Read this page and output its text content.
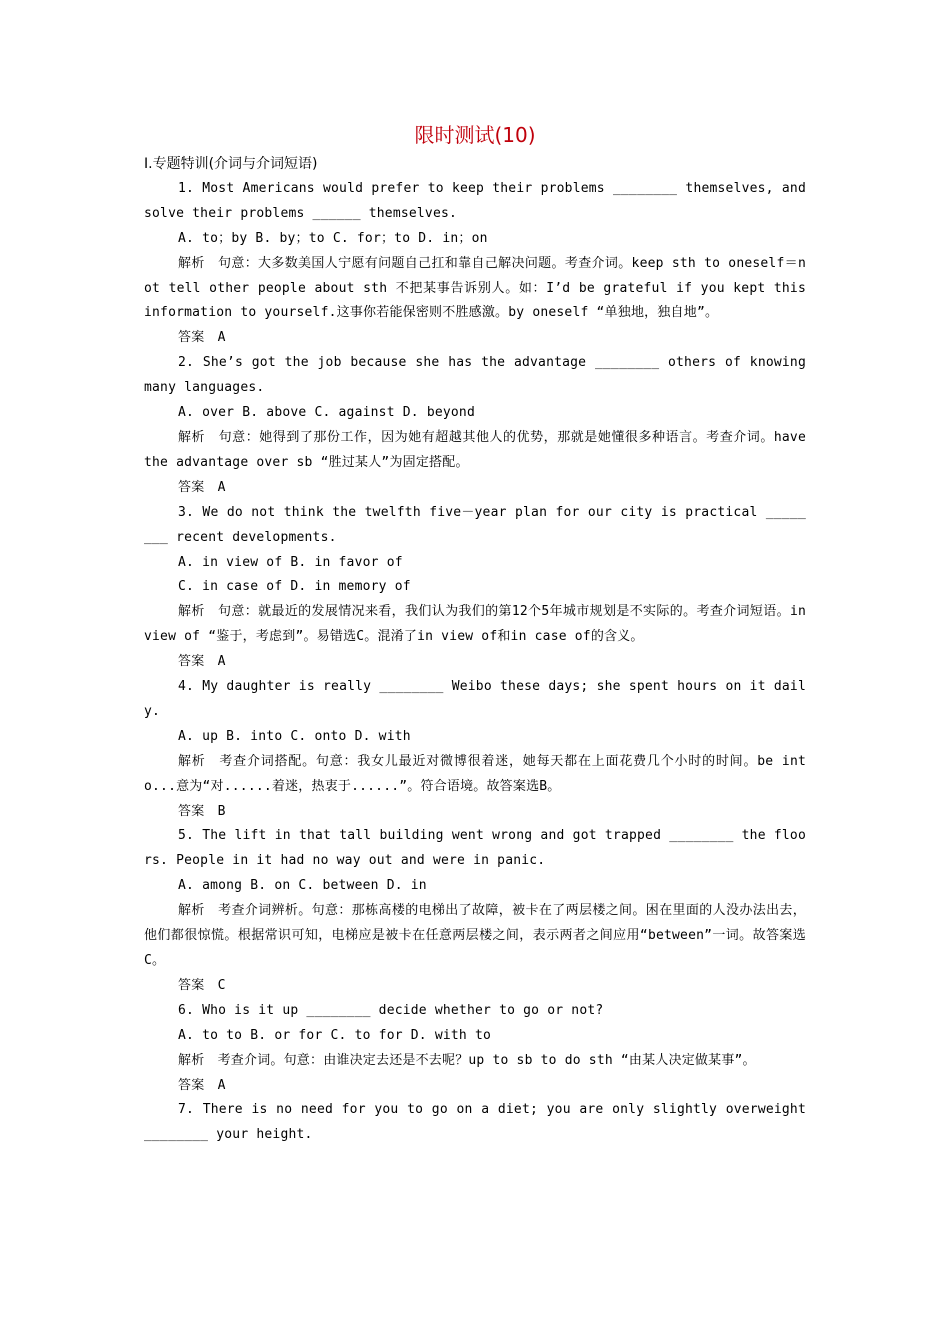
限时测试(10)
Ⅰ.专题特训(介词与介词短语)

1. Most Americans would prefer to keep their problems ________ themselves, and solve their problems ______ themselves.

A. to；by B. by；to C. for；to D. in；on

解析　句意：大多数美国人宁愿有问题自己扛和靠自己解决问题。考查介词。keep sth to oneself＝not tell other people about sth 不把某事告诉别人。如：I’d be grateful if you kept this information to yourself.这事你若能保密则不胜感激。by oneself “单独地，独自地”。

答案　A

2. She’s got the job because she has the advantage ________ others of knowing many languages.

A. over B. above C. against D. beyond

解析　句意：她得到了那份工作，因为她有超越其他人的优势，那就是她懂很多种语言。考查介词。have the advantage over sb “胜过某人”为固定搭配。

答案　A

3. We do not think the twelfth five－year plan for our city is practical ________ recent developments.

A. in view of B. in favor of

C. in case of D. in memory of

解析　句意：就最近的发展情况来看，我们认为我们的第12个5年城市规划是不实际的。考查介词短语。in view of “鉴于，考虑到”。易错选C。混淆了in view of和in case of的含义。

答案　A

4. My daughter is really ________ Weibo these days; she spent hours on it daily.

A. up B. into C. onto D. with

解析　考查介词搭配。句意：我女儿最近对微博很着迷，她每天都在上面花费几个小时的时间。be into...意为“对......着迷，热衷于......”。符合语境。故答案选B。

答案　B

5. The lift in that tall building went wrong and got trapped ________ the floors. People in it had no way out and were in panic.

A. among B. on C. between D. in

解析　考查介词辨析。句意：那栋高楼的电梯出了故障，被卡在了两层楼之间。困在里面的人没办法出去，他们都很惊慌。根据常识可知，电梯应是被卡在任意两层楼之间，表示两者之间应用“between”一词。故答案选C。

答案　C

6. Who is it up ________ decide whether to go or not?

A. to to B. or for C. to for D. with to

解析　考查介词。句意：由谁决定去还是不去呢？up to sb to do sth “由某人决定做某事”。

答案　A

7. There is no need for you to go on a diet; you are only slightly overweight ________ your height.
